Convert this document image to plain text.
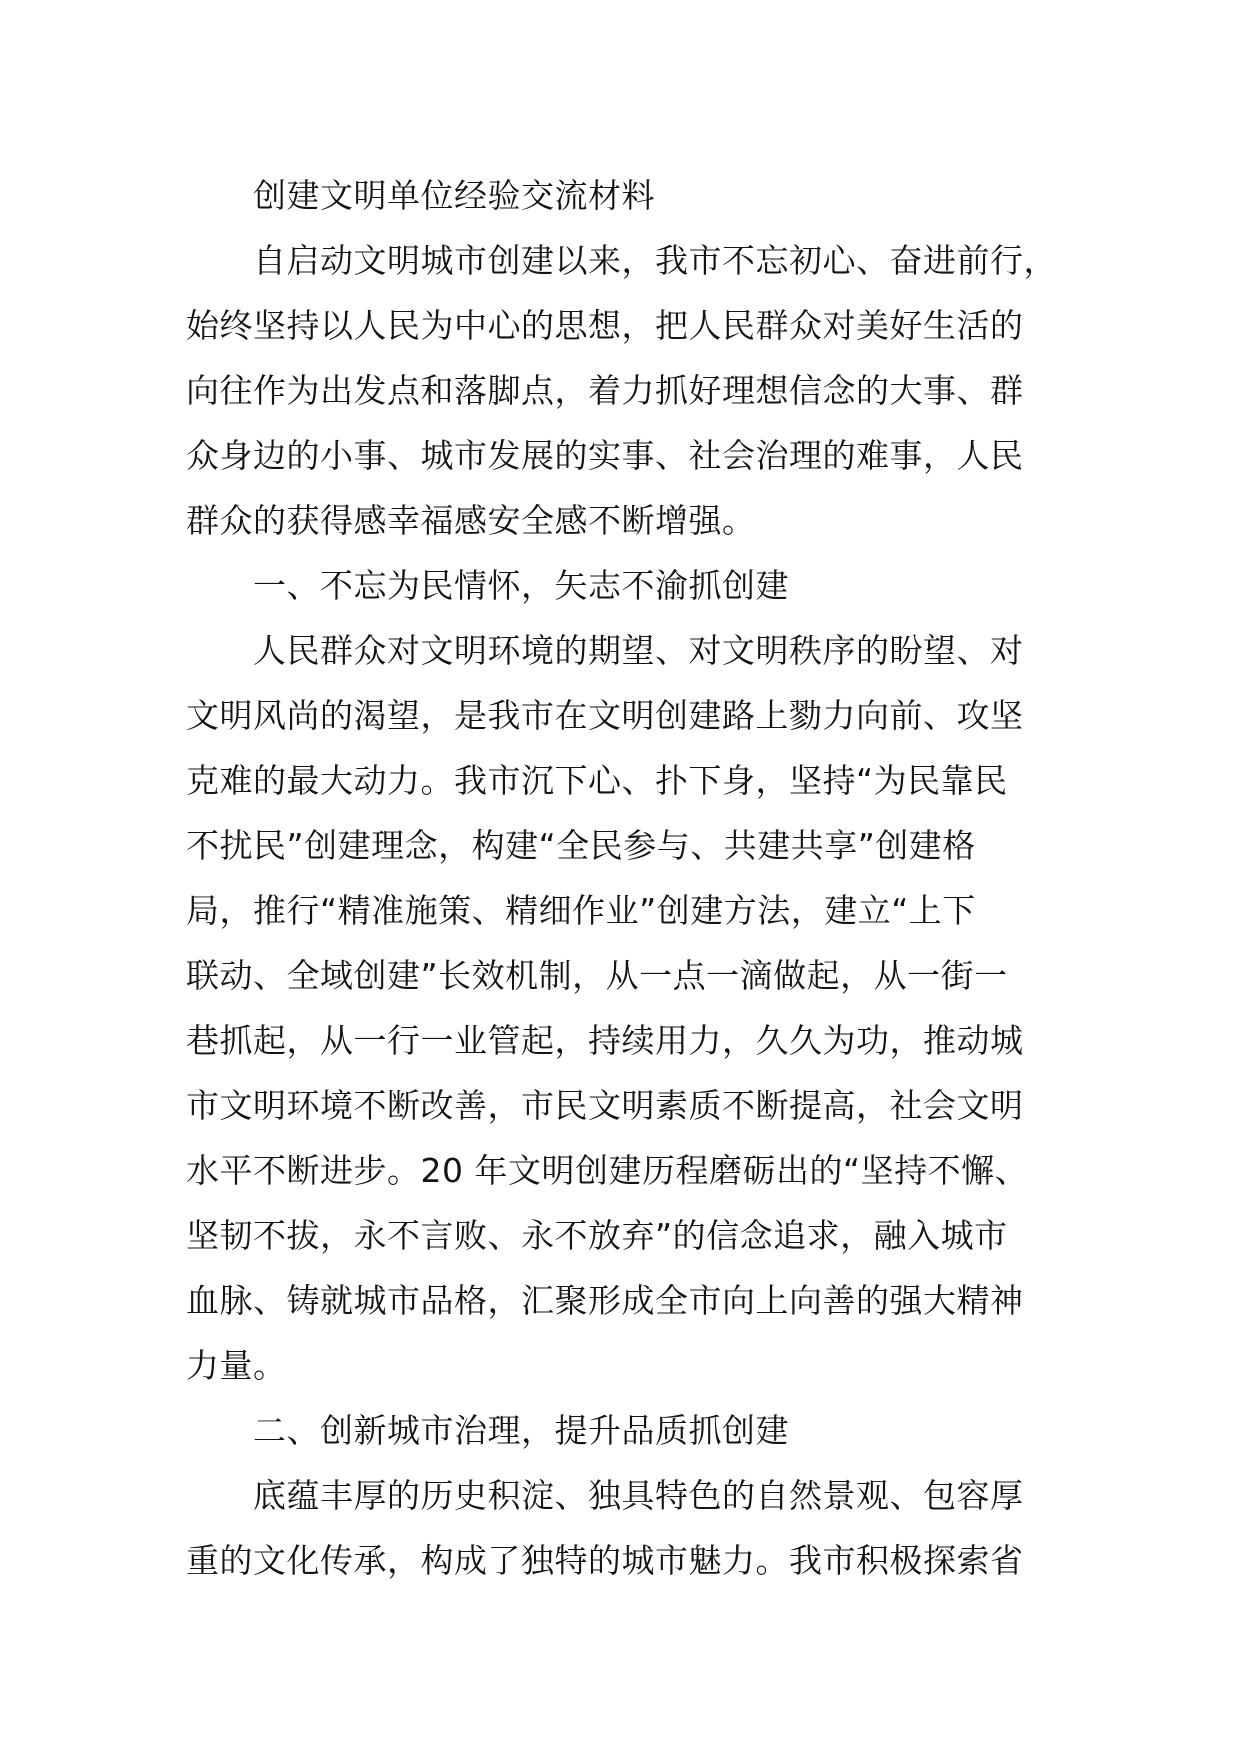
创建文明单位经验交流材料
自启动文明城市创建以来，我市不忘初心、奋进前行，
始终坚持以人民为中心的思想，把人民群众对美好生活的
向往作为出发点和落脚点，着力抓好理想信念的大事、群
众身边的小事、城市发展的实事、社会治理的难事，人民
群众的获得感幸福感安全感不断增强。
一、不忘为民情怀，矢志不渝抓创建
人民群众对文明环境的期望、对文明秩序的盼望、对
文明风尚的渴望，是我市在文明创建路上勠力向前、攻坚
克难的最大动力。我市沉下心、扑下身，坚持“为民靠民
不扰民”创建理念，构建“全民参与、共建共享”创建格
局，推行“精准施策、精细作业”创建方法，建立“上下
联动、全域创建”长效机制，从一点一滴做起，从一街一
巷抓起，从一行一业管起，持续用力，久久为功，推动城
市文明环境不断改善，市民文明素质不断提高，社会文明
水平不断进步。20 年文明创建历程磨砺出的“坚持不懈、
坚韧不拔，永不言败、永不放弃”的信念追求，融入城市
血脉、铸就城市品格，汇聚形成全市向上向善的强大精神
力量。
二、创新城市治理，提升品质抓创建
底蕴丰厚的历史积淀、独具特色的自然景观、包容厚
重的文化传承，构成了独特的城市魅力。我市积极探索省
